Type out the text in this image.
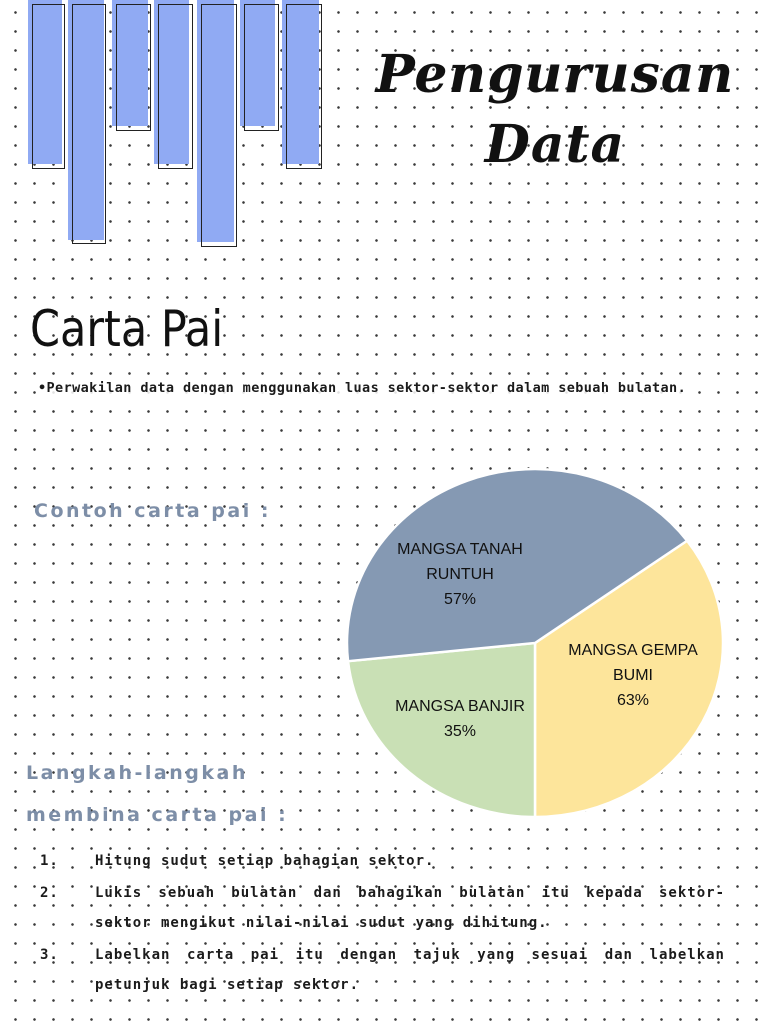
Pengurusan
Data
Carta Pai
•Perwakilan data dengan menggunakan luas sektor-sektor dalam sebuah bulatan.
Contoh carta pai :
MANGSA TANAH
RUNTUH
57%
MANGSA GEMPA
BUMI
63%
MANGSA BANJIR
35%
Langkah-langkah
membina carta pai :
1.	Hitung sudut setiap bahagian sektor.
2.	Lukis sebuah bulatan dan bahagikan bulatan itu kepada sektor-sektor mengikut nilai-nilai sudut yang dihitung.
3.	Labelkan carta pai itu dengan tajuk yang sesuai dan labelkan petunjuk bagi setiap sektor.
